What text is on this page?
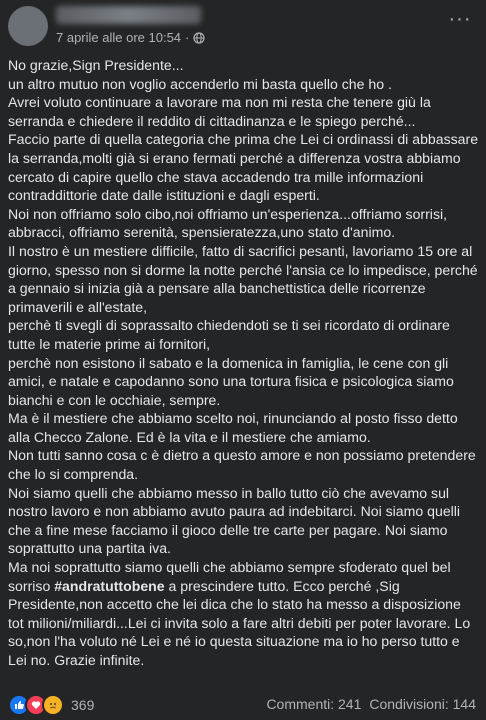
7 aprile alle ore 10:54 ·
···

No grazie,Sign Presidente...

un altro mutuo non voglio accenderlo mi basta quello che ho .

Avrei voluto continuare a lavorare ma non mi resta che tenere giù la serranda e chiedere il reddito di cittadinanza e le spiego perché...

Faccio parte di quella categoria che prima che Lei ci ordinassi di abbassare la serranda,molti già si erano fermati perché a differenza vostra abbiamo cercato di capire quello che stava accadendo tra mille informazioni contraddittorie date dalle istituzioni e dagli esperti.

Noi non offriamo solo cibo,noi offriamo un'esperienza...offriamo sorrisi, abbracci, offriamo serenità, spensieratezza,uno stato d'animo.

Il nostro è un mestiere difficile, fatto di sacrifici pesanti, lavoriamo 15 ore al giorno, spesso non si dorme la notte perché l'ansia ce lo impedisce, perché a gennaio si inizia già a pensare alla banchettistica delle ricorrenze primaverili e all'estate,

perchè ti svegli di soprassalto chiedendoti se ti sei ricordato di ordinare tutte le materie prime ai fornitori,

perchè non esistono il sabato e la domenica in famiglia, le cene con gli amici, e natale e capodanno sono una tortura fisica e psicologica siamo bianchi e con le occhiaie, sempre.

Ma è il mestiere che abbiamo scelto noi, rinunciando al posto fisso detto alla Checco Zalone. Ed è la vita e il mestiere che amiamo.

Non tutti sanno cosa c è dietro a questo amore e non possiamo pretendere che lo si comprenda.

Noi siamo quelli che abbiamo messo in ballo tutto ciò che avevamo sul nostro lavoro e non abbiamo avuto paura ad indebitarci. Noi siamo quelli che a fine mese facciamo il gioco delle tre carte per pagare. Noi siamo soprattutto una partita iva.

Ma noi soprattutto siamo quelli che abbiamo sempre sfoderato quel bel sorriso #andratuttobene a prescindere tutto. Ecco perché ,Sig Presidente,non accetto che lei dica che lo stato ha messo a disposizione tot milioni/miliardi...Lei ci invita solo a fare altri debiti per poter lavorare. Lo so,non l'ha voluto né Lei e né io questa situazione ma io ho perso tutto e Lei no. Grazie infinite.

369	Commenti: 241 Condivisioni: 144
